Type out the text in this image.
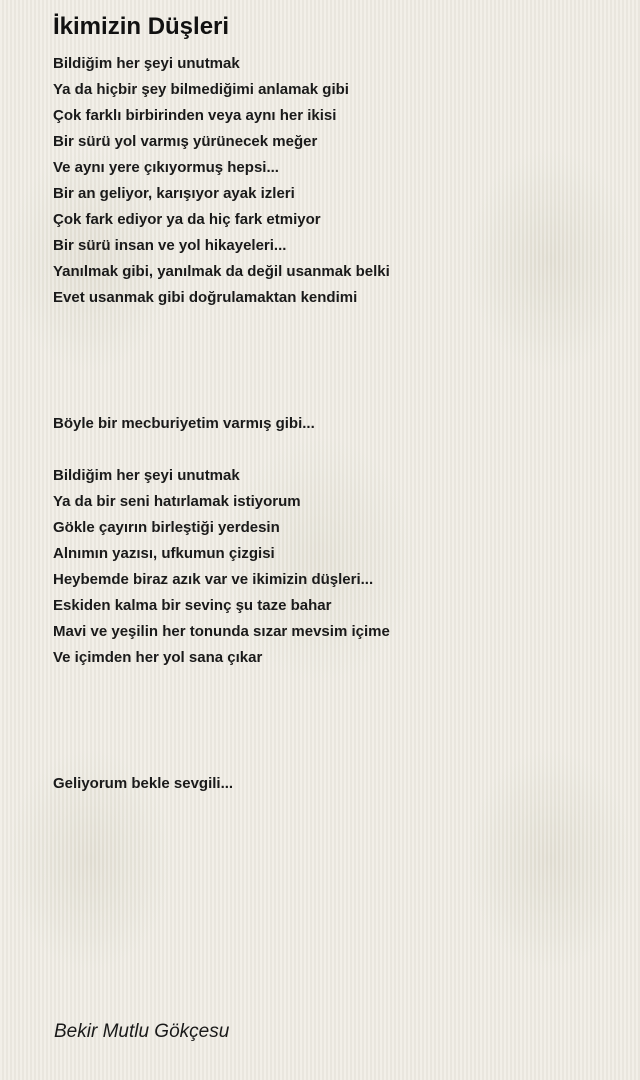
İkimizin Düşleri
Bildiğim her şeyi unutmak
Ya da hiçbir şey bilmediğimi anlamak gibi
Çok farklı birbirinden veya aynı her ikisi
Bir sürü yol varmış yürünecek meğer
Ve aynı yere çıkıyormuş hepsi...
Bir an geliyor, karışıyor ayak izleri
Çok fark ediyor ya da hiç fark etmiyor
Bir sürü insan ve yol hikayeleri...
Yanılmak gibi, yanılmak da değil usanmak belki
Evet usanmak gibi doğrulamaktan kendimi
Böyle bir mecburiyetim varmış gibi...
Bildiğim her şeyi unutmak
Ya da bir seni hatırlamak istiyorum
Gökle çayırın birleştiği yerdesin
Alnımın yazısı, ufkumun çizgisi
Heybemde biraz azık var ve ikimizin düşleri...
Eskiden kalma bir sevinç şu taze bahar
Mavi ve yeşilin her tonunda sızar mevsim içime
Ve içimden her yol sana çıkar
Geliyorum bekle sevgili...

Bekir Mutlu Gökçesu
